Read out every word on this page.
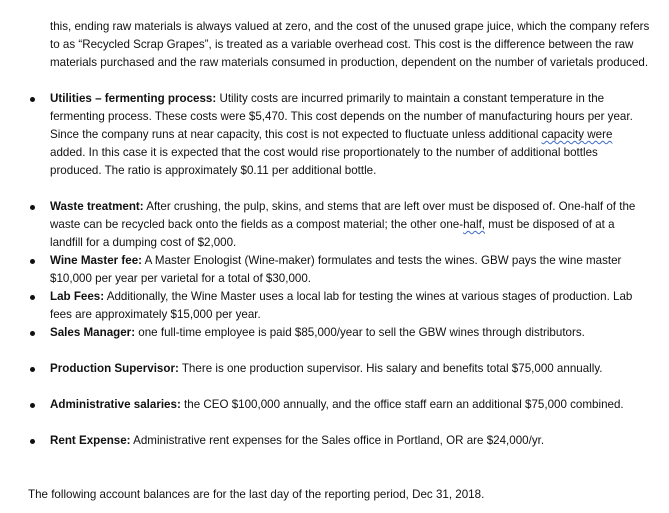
this, ending raw materials is always valued at zero, and the cost of the unused grape juice, which the company refers to as “Recycled Scrap Grapes”, is treated as a variable overhead cost. This cost is the difference between the raw materials purchased and the raw materials consumed in production, dependent on the number of varietals produced.

Utilities – fermenting process: Utility costs are incurred primarily to maintain a constant temperature in the fermenting process. These costs were $5,470. This cost depends on the number of manufacturing hours per year. Since the company runs at near capacity, this cost is not expected to fluctuate unless additional capacity were added. In this case it is expected that the cost would rise proportionately to the number of additional bottles produced. The ratio is approximately $0.11 per additional bottle.
Waste treatment: After crushing, the pulp, skins, and stems that are left over must be disposed of. One-half of the waste can be recycled back onto the fields as a compost material; the other one-half, must be disposed of at a landfill for a dumping cost of $2,000.
Wine Master fee: A Master Enologist (Wine-maker) formulates and tests the wines. GBW pays the wine master $10,000 per year per varietal for a total of $30,000.
Lab Fees: Additionally, the Wine Master uses a local lab for testing the wines at various stages of production. Lab fees are approximately $15,000 per year.
Sales Manager: one full-time employee is paid $85,000/year to sell the GBW wines through distributors.
Production Supervisor: There is one production supervisor. His salary and benefits total $75,000 annually.
Administrative salaries: the CEO $100,000 annually, and the office staff earn an additional $75,000 combined.
Rent Expense: Administrative rent expenses for the Sales office in Portland, OR are $24,000/yr.

The following account balances are for the last day of the reporting period, Dec 31, 2018.
